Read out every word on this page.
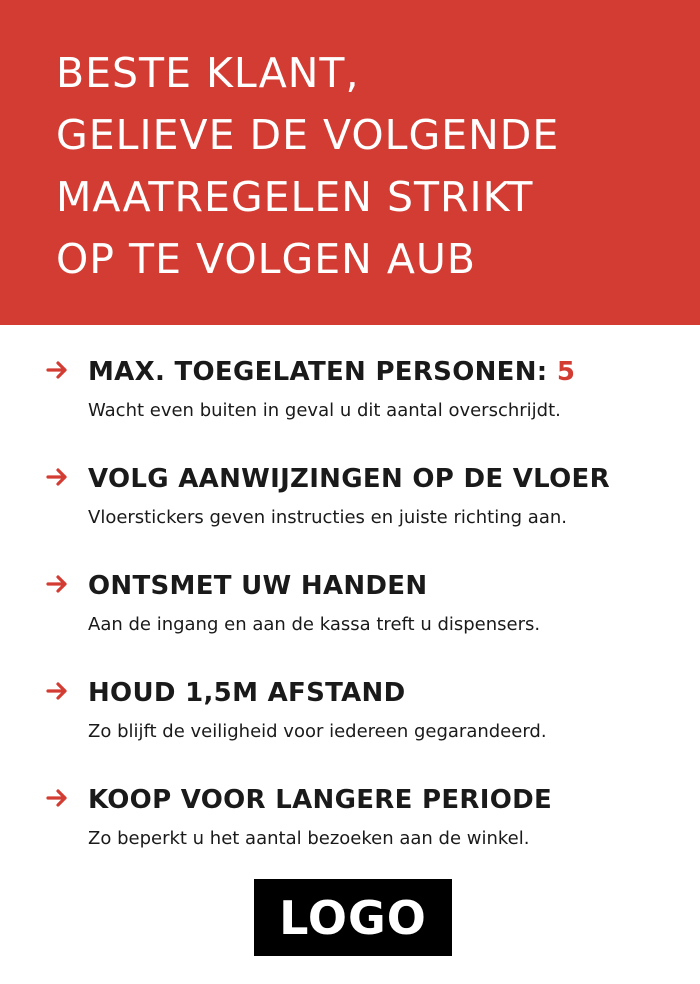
BESTE KLANT,
GELIEVE DE VOLGENDE
MAATREGELEN STRIKT
OP TE VOLGEN AUB
MAX. TOEGELATEN PERSONEN: 5
Wacht even buiten in geval u dit aantal overschrijdt.
VOLG AANWIJZINGEN OP DE VLOER
Vloerstickers geven instructies en juiste richting aan.
ONTSMET UW HANDEN
Aan de ingang en aan de kassa treft u dispensers.
HOUD 1,5M AFSTAND
Zo blijft de veiligheid voor iedereen gegarandeerd.
KOOP VOOR LANGERE PERIODE
Zo beperkt u het aantal bezoeken aan de winkel.
LOGO
